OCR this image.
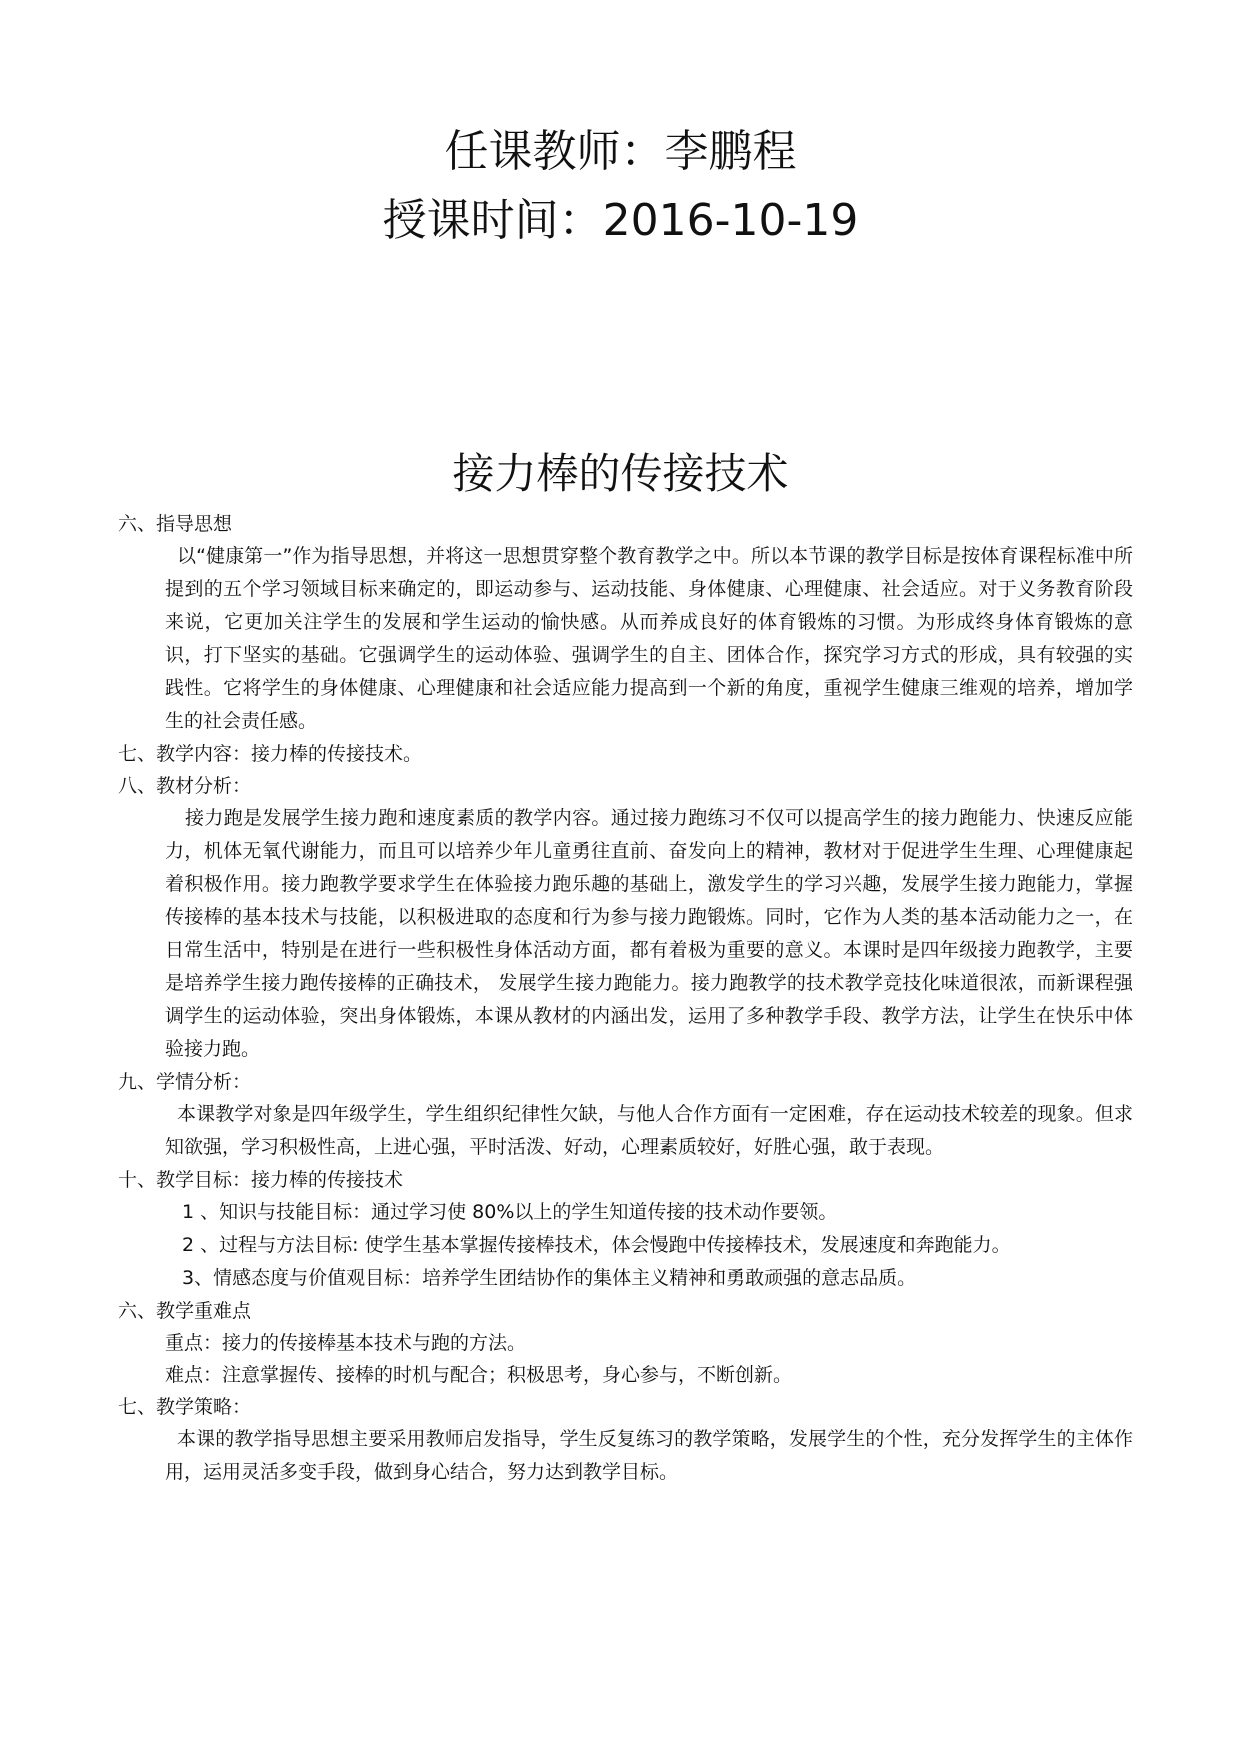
任课教师：李鹏程
授课时间：2016-10-19
接力棒的传接技术
六、指导思想
以“健康第一”作为指导思想，并将这一思想贯穿整个教育教学之中。所以本节课的教学目标是按体育课程标准中所提到的五个学习领域目标来确定的，即运动参与、运动技能、身体健康、心理健康、社会适应。对于义务教育阶段来说，它更加关注学生的发展和学生运动的愉快感。从而养成良好的体育锻炼的习惯。为形成终身体育锻炼的意识，打下坚实的基础。它强调学生的运动体验、强调学生的自主、团体合作，探究学习方式的形成，具有较强的实践性。它将学生的身体健康、心理健康和社会适应能力提高到一个新的角度，重视学生健康三维观的培养，增加学生的社会责任感。
七、教学内容：接力棒的传接技术。
八、教材分析：
接力跑是发展学生接力跑和速度素质的教学内容。通过接力跑练习不仅可以提高学生的接力跑能力、快速反应能力，机体无氧代谢能力，而且可以培养少年儿童勇往直前、奋发向上的精神，教材对于促进学生生理、心理健康起着积极作用。接力跑教学要求学生在体验接力跑乐趣的基础上，激发学生的学习兴趣，发展学生接力跑能力，掌握传接棒的基本技术与技能，以积极进取的态度和行为参与接力跑锻炼。同时，它作为人类的基本活动能力之一，在日常生活中，特别是在进行一些积极性身体活动方面，都有着极为重要的意义。本课时是四年级接力跑教学，主要是培养学生接力跑传接棒的正确技术， 发展学生接力跑能力。接力跑教学的技术教学竞技化味道很浓，而新课程强调学生的运动体验，突出身体锻炼，本课从教材的内涵出发，运用了多种教学手段、教学方法，让学生在快乐中体验接力跑。
九、学情分析：
本课教学对象是四年级学生，学生组织纪律性欠缺，与他人合作方面有一定困难，存在运动技术较差的现象。但求知欲强，学习积极性高，上进心强，平时活泼、好动，心理素质较好，好胜心强，敢于表现。
十、教学目标：接力棒的传接技术
1 、知识与技能目标：通过学习使 80%以上的学生知道传接的技术动作要领。
2 、过程与方法目标: 使学生基本掌握传接棒技术，体会慢跑中传接棒技术，发展速度和奔跑能力。
3、情感态度与价值观目标：培养学生团结协作的集体主义精神和勇敢顽强的意志品质。
六、教学重难点
重点：接力的传接棒基本技术与跑的方法。
难点：注意掌握传、接棒的时机与配合；积极思考，身心参与，不断创新。
七、教学策略：
本课的教学指导思想主要采用教师启发指导，学生反复练习的教学策略，发展学生的个性，充分发挥学生的主体作用，运用灵活多变手段，做到身心结合，努力达到教学目标。
